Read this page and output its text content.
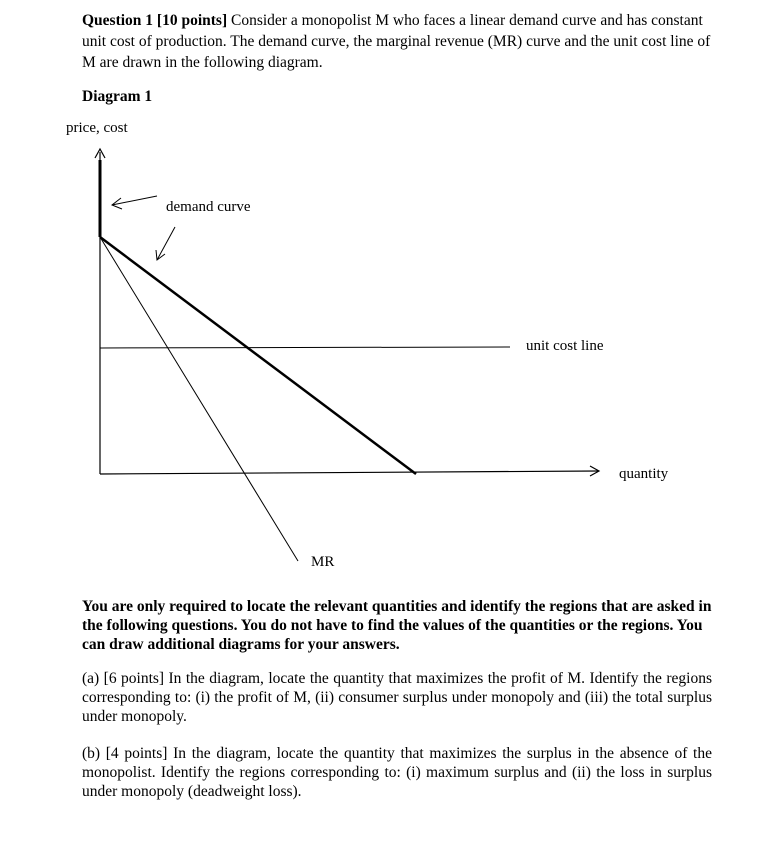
Question 1 [10 points] Consider a monopolist M who faces a linear demand curve and has constant unit cost of production. The demand curve, the marginal revenue (MR) curve and the unit cost line of M are drawn in the following diagram.

Diagram 1

price, cost
quantity
unit cost line
MR
demand curve

You are only required to locate the relevant quantities and identify the regions that are asked in the following questions. You do not have to find the values of the quantities or the regions. You can draw additional diagrams for your answers.

(a) [6 points] In the diagram, locate the quantity that maximizes the profit of M. Identify the regions corresponding to: (i) the profit of M, (ii) consumer surplus under monopoly and (iii) the total surplus under monopoly.

(b) [4 points] In the diagram, locate the quantity that maximizes the surplus in the absence of the monopolist. Identify the regions corresponding to: (i) maximum surplus and (ii) the loss in surplus under monopoly (deadweight loss).
